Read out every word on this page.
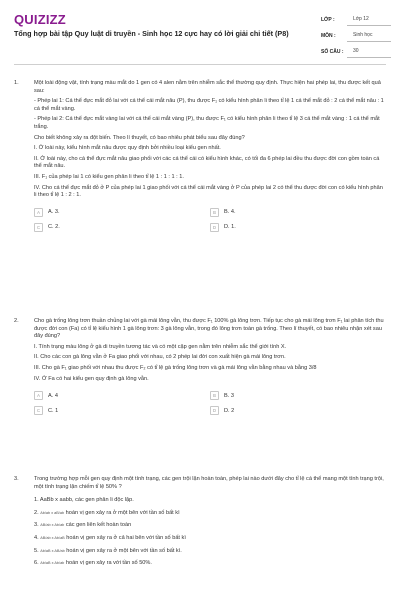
QUIZIZZ
Tổng hợp bài tập Quy luật di truyền - Sinh học 12 cực hay có lời giải chi tiết (P8)
LỚP :	Lớp 12
MÔN :	Sinh học
SỐ CÂU :	30
1.	Một loài động vật, tính trạng màu mắt do 1 gen có 4 alen nằm trên nhiễm sắc thể thường quy định. Thực hiện hai phép lai, thu được kết quả sau:

- Phép lai 1: Cá thể đực mắt đỏ lai với cá thể cái mắt nâu (P), thu được F₁ có kiểu hình phân li theo tỉ lệ 1 cá thể mắt đỏ : 2 cá thể mắt nâu : 1 cá thể mắt vàng.

- Phép lai 2: Cá thể đực mắt vàng lai với cá thể cái mắt vàng (P), thu được F₁ có kiểu hình phân li theo tỉ lệ 3 cá thể mắt vàng : 1 cá thể mắt trắng.

Cho biết không xảy ra đột biến. Theo lí thuyết, có bao nhiêu phát biểu sau đây đúng?

I. Ở loài này, kiểu hình mắt nâu được quy định bởi nhiều loại kiểu gen nhất.

II. Ở loài này, cho cá thể đực mắt nâu giao phối với các cá thể cái có kiểu hình khác, có tối đa 6 phép lai đều thu được đời con gồm toàn cá thể mắt nâu.

III. F₁ của phép lai 1 có kiểu gen phân li theo tỉ lệ 1 : 1 : 1 : 1.

IV. Cho cá thể đực mắt đỏ ở P của phép lai 1 giao phối với cá thể cái mắt vàng ở P của phép lai 2 có thể thu được đời con có kiểu hình phân li theo tỉ lệ 1 : 2 : 1.

A	A. 3.	B	B. 4.
C	C. 2.	D	D. 1.
2.	Cho gà trống lông trơn thuần chủng lai với gà mái lông vằn, thu được F₁ 100% gà lông trơn. Tiếp tục cho gà mái lông trơn F₁ lai phân tích thu được đời con (Fa) có tỉ lệ kiểu hình 1 gà lông trơn: 3 gà lông vằn, trong đó lông trơn toàn gà trống. Theo lí thuyết, có bao nhiêu nhận xét sau đây đúng?

I. Tính trạng màu lông ở gà di truyền tương tác và có một cặp gen nằm trên nhiễm sắc thể giới tính X.

II. Cho các con gà lông vằn ở Fa giao phối với nhau, có 2 phép lai đời con xuất hiện gà mái lông trơn.

III. Cho gà F₁ giao phối với nhau thu được F₂ có tỉ lệ gà trống lông trơn và gà mái lông vằn bằng nhau và bằng 3/8

IV. Ở Fa có hai kiểu gen quy định gà lông vằn.

A	A. 4	B	B. 3
C	C. 1	D	D. 2
3.	Trong trường hợp mỗi gen quy định một tính trạng, các gen trội lặn hoàn toàn, phép lai nào dưới đây cho tỉ lệ cá thể mang một tính trạng trội, một tính trạng lặn chiếm tỉ lệ 50% ?

1. AaBb x aabb, các gen phân li độc lập.

2. Ab/ab x aB/ab hoán vị gen xảy ra ở một bên với tần số bất kì

3. AB/ab x Ab/ab các gen liên kết hoàn toàn

4. AB/ab x Ab/aB hoán vị gen xảy ra ở cả hai bên với tần số bất kì

5. Ab/aB x AB/ab hoán vị gen xảy ra ở một bên với tần số bất kì.

6. Ab/aB x Ab/ab hoán vị gen xảy ra với tần số 50%.
